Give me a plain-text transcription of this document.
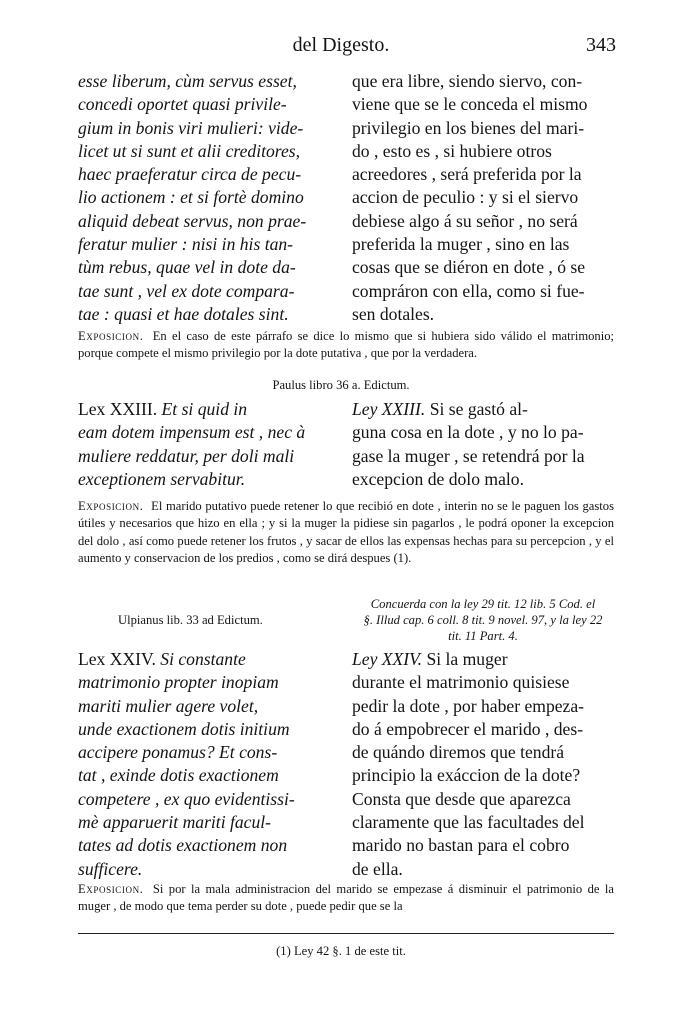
del Digesto.	343

esse liberum, cùm servus esset,

concedi oportet quasi privile-

gium in bonis viri mulieri: vide-

licet ut si sunt et alii creditores,

haec praeferatur circa de pecu-

lio actionem : et si fortè domino

aliquid debeat servus, non prae-

feratur mulier : nisi in his tan-

tùm rebus, quae vel in dote da-

tae sunt , vel ex dote compara-

tae : quasi et hae dotales sint.

que era libre, siendo siervo, con-

viene que se le conceda el mismo

privilegio en los bienes del mari-

do , esto es , si hubiere otros

acreedores , será preferida por la

accion de peculio : y si el siervo

debiese algo á su señor , no será

preferida la muger , sino en las

cosas que se diéron en dote , ó se

compráron con ella, como si fue-

sen dotales.

Exposicion. En el caso de este párrafo se dice lo mismo que si hubiera sido válido el matrimonio; porque compete el mismo privilegio por la dote putativa , que por la verdadera.
Paulus libro 36 a. Edictum.

Lex XXIII. Et si quid in

eam dotem impensum est , nec à

muliere reddatur, per doli mali

exceptionem servabitur.

Ley XXIII. Si se gastó al-

guna cosa en la dote , y no lo pa-

gase la muger , se retendrá por la

excepcion de dolo malo.

Exposicion. El marido putativo puede retener lo que recibió en dote , interin no se le paguen los gastos útiles y necesarios que hizo en ella ; y si la muger la pidiese sin pagarlos , le podrá oponer la excepcion del dolo , así como puede retener los frutos , y sacar de ellos las expensas hechas para su percepcion , y el aumento y conservacion de los predios , como se dirá despues (1).
Ulpianus lib. 33 ad Edictum.
Concuerda con la ley 29 tit. 12 lib. 5 Cod. el
§. Illud cap. 6 coll. 8 tit. 9 novel. 97, y la ley 22
tit. 11 Part. 4.

Lex XXIV. Si constante

matrimonio propter inopiam

mariti mulier agere volet,

unde exactionem dotis initium

accipere ponamus? Et cons-

tat , exinde dotis exactionem

competere , ex quo evidentissi-

mè apparuerit mariti facul-

tates ad dotis exactionem non

sufficere.

Ley XXIV. Si la muger

durante el matrimonio quisiese

pedir la dote , por haber empeza-

do á empobrecer el marido , des-

de quándo diremos que tendrá

principio la exáccion de la dote?

Consta que desde que aparezca

claramente que las facultades del

marido no bastan para el cobro

de ella.

Exposicion. Si por la mala administracion del marido se empezase á disminuir el patrimonio de la muger , de modo que tema perder su dote , puede pedir que se la
(1) Ley 42 §. 1 de este tit.
